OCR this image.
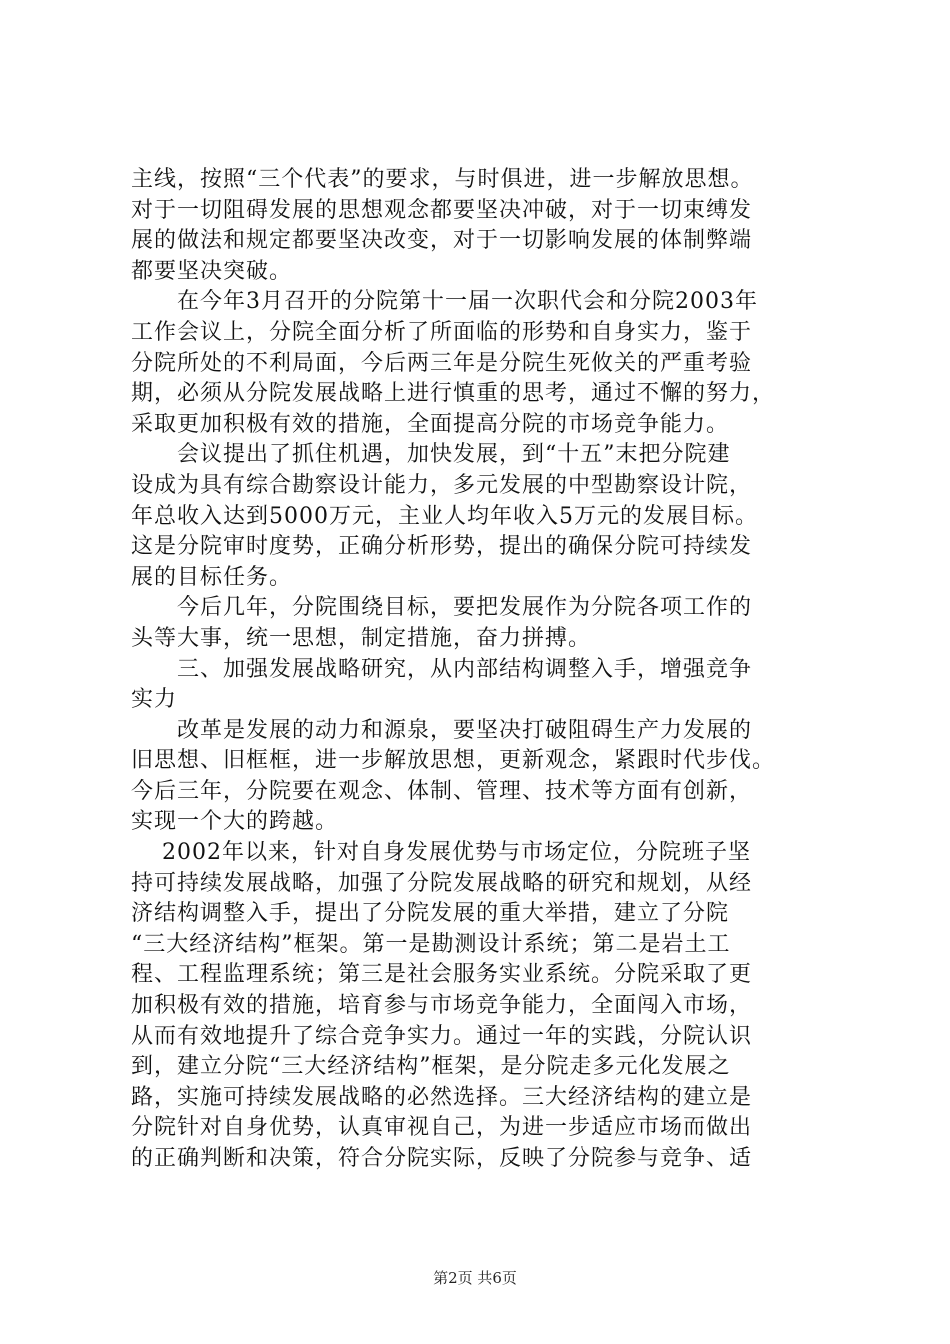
主线，按照“三个代表”的要求，与时俱进，进一步解放思想。
对于一切阻碍发展的思想观念都要坚决冲破，对于一切束缚发
展的做法和规定都要坚决改变，对于一切影响发展的体制弊端
都要坚决突破。
　　在今年3月召开的分院第十一届一次职代会和分院2003年
工作会议上，分院全面分析了所面临的形势和自身实力，鉴于
分院所处的不利局面，今后两三年是分院生死攸关的严重考验
期，必须从分院发展战略上进行慎重的思考，通过不懈的努力，
采取更加积极有效的措施，全面提高分院的市场竞争能力。
　　会议提出了抓住机遇，加快发展，到“十五”末把分院建
设成为具有综合勘察设计能力，多元发展的中型勘察设计院，
年总收入达到5000万元，主业人均年收入5万元的发展目标。
这是分院审时度势，正确分析形势，提出的确保分院可持续发
展的目标任务。
　　今后几年，分院围绕目标，要把发展作为分院各项工作的
头等大事，统一思想，制定措施，奋力拼搏。
　　三、加强发展战略研究，从内部结构调整入手，增强竞争
实力
　　改革是发展的动力和源泉，要坚决打破阻碍生产力发展的
旧思想、旧框框，进一步解放思想，更新观念，紧跟时代步伐。
今后三年，分院要在观念、体制、管理、技术等方面有创新，
实现一个大的跨越。
　 2002年以来，针对自身发展优势与市场定位，分院班子坚
持可持续发展战略，加强了分院发展战略的研究和规划，从经
济结构调整入手，提出了分院发展的重大举措，建立了分院
“三大经济结构”框架。第一是勘测设计系统；第二是岩土工
程、工程监理系统；第三是社会服务实业系统。分院采取了更
加积极有效的措施，培育参与市场竞争能力，全面闯入市场，
从而有效地提升了综合竞争实力。通过一年的实践，分院认识
到，建立分院“三大经济结构”框架，是分院走多元化发展之
路，实施可持续发展战略的必然选择。三大经济结构的建立是
分院针对自身优势，认真审视自己，为进一步适应市场而做出
的正确判断和决策，符合分院实际，反映了分院参与竞争、适
第2页 共6页
